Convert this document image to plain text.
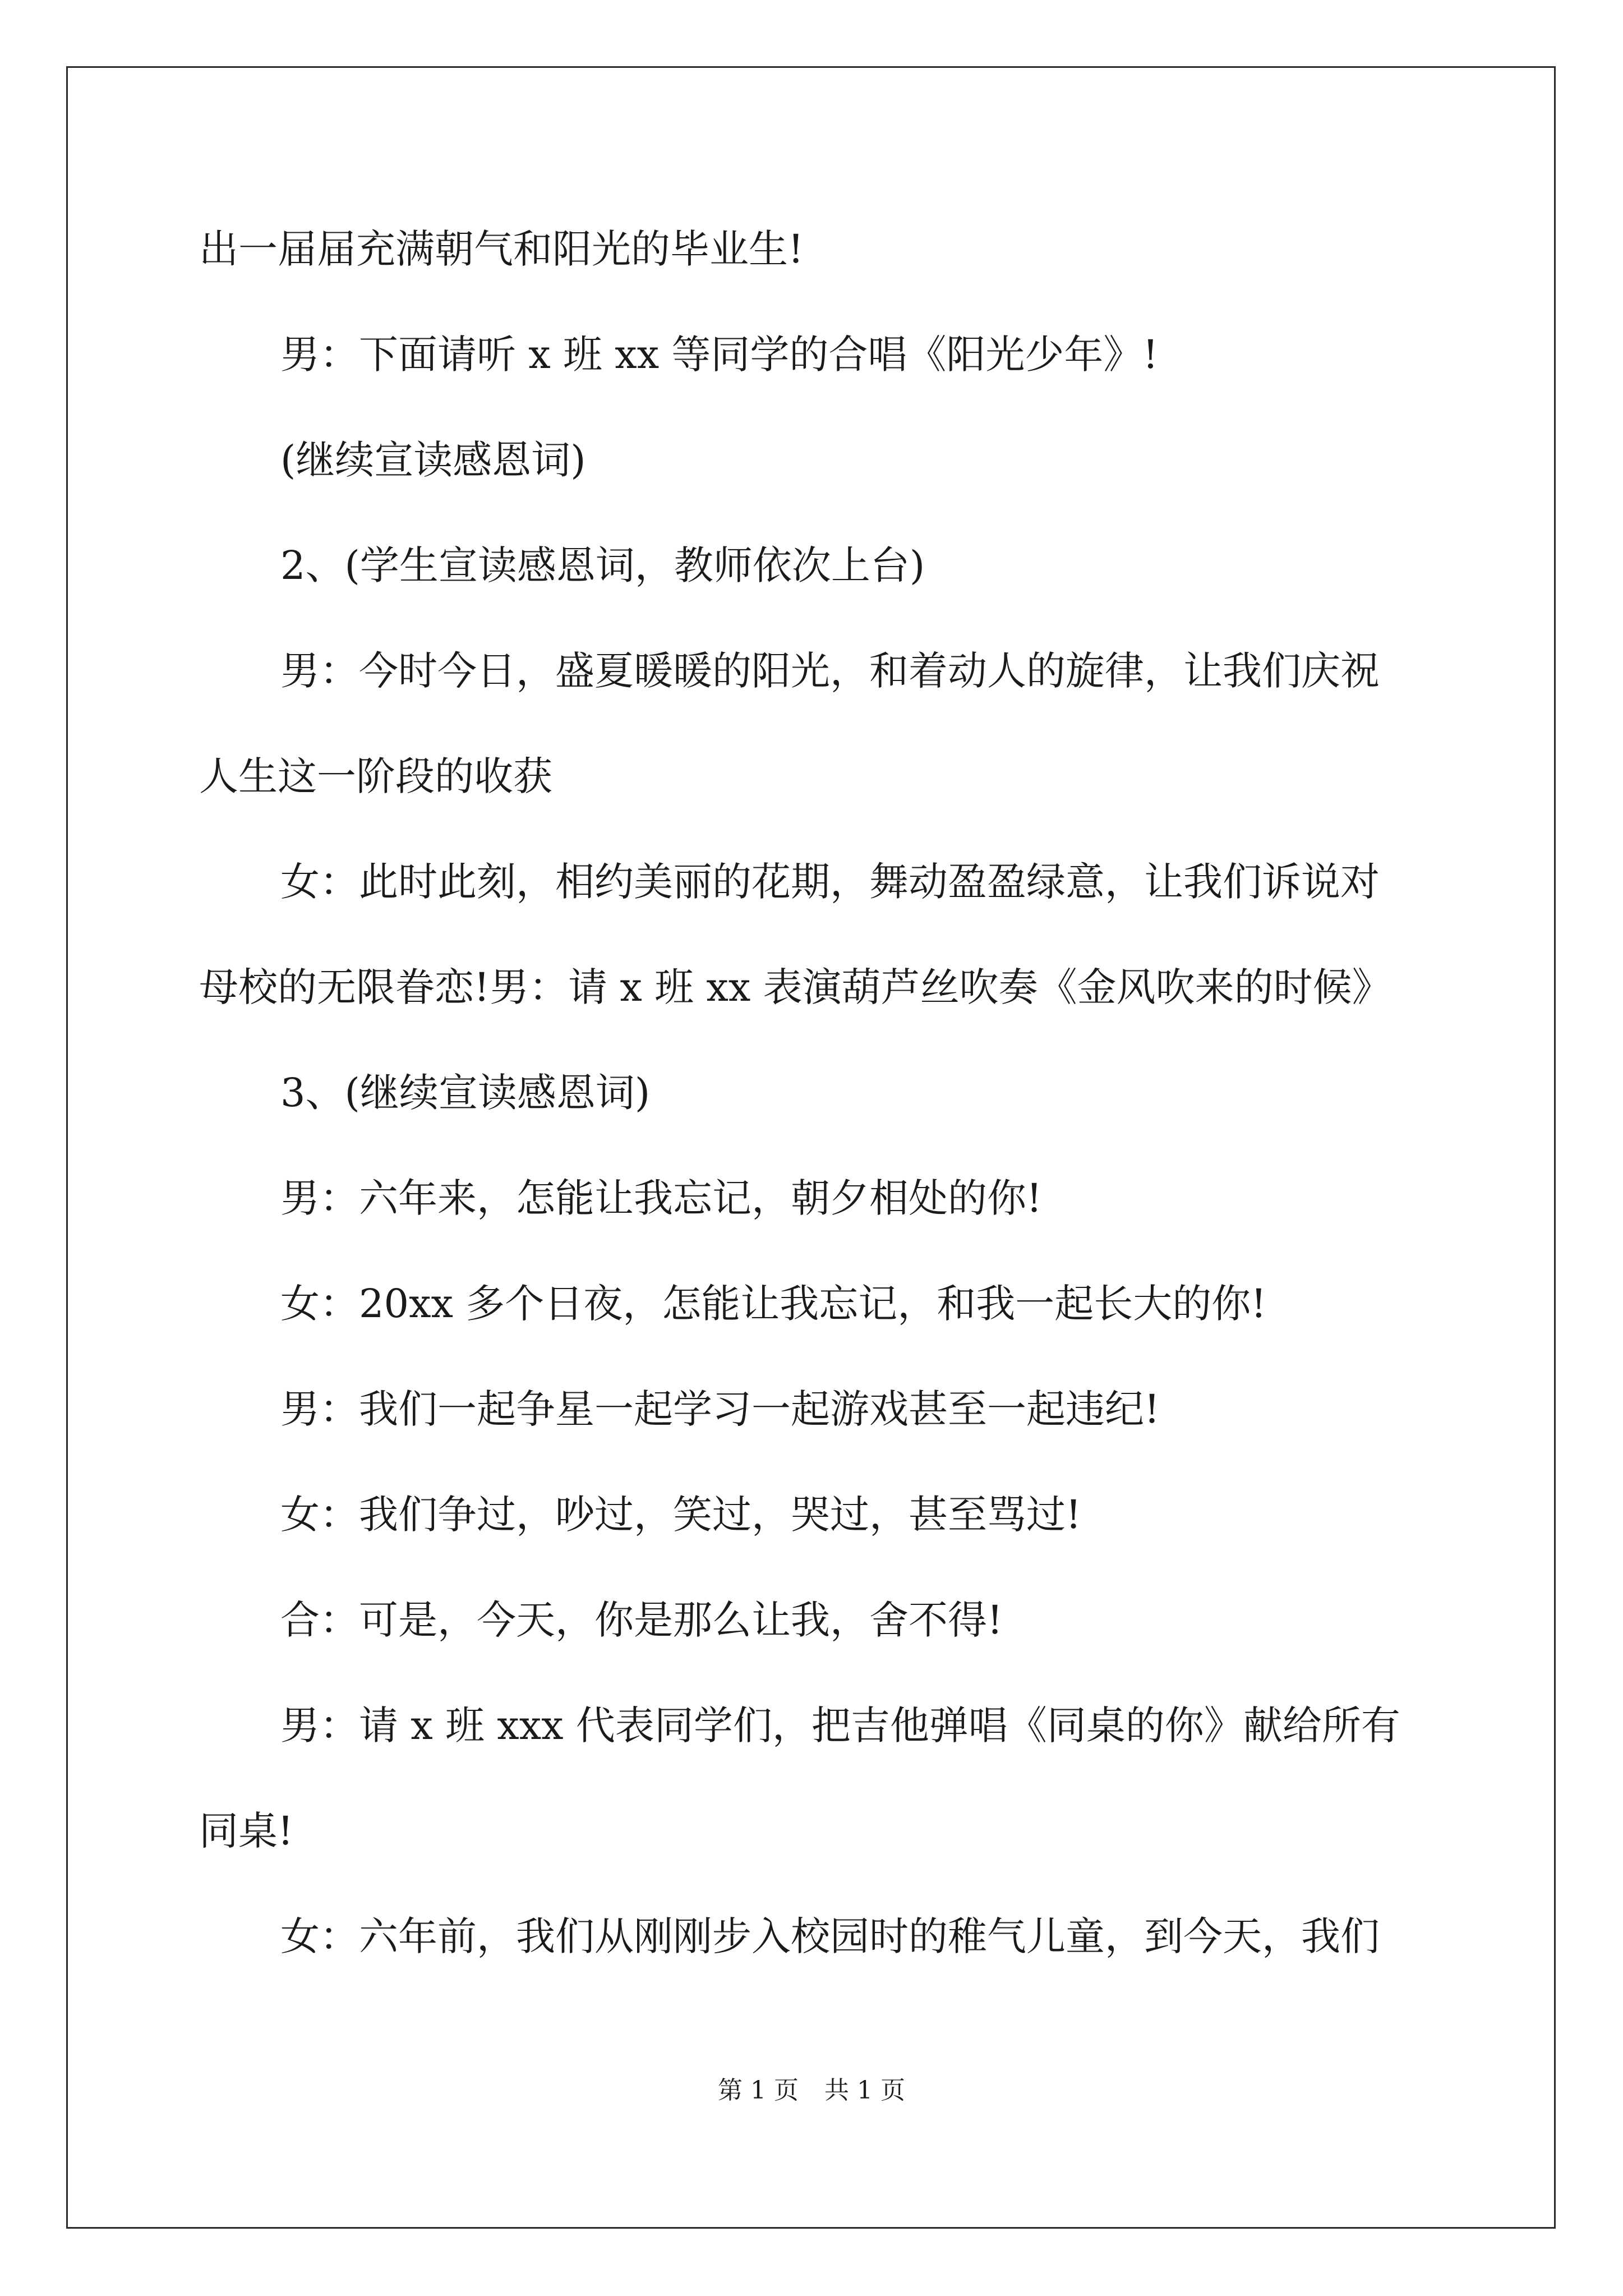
出一届届充满朝气和阳光的毕业生!

男：下面请听 x 班 xx 等同学的合唱《阳光少年》!

(继续宣读感恩词)

2、(学生宣读感恩词，教师依次上台)

男：今时今日，盛夏暖暖的阳光，和着动人的旋律，让我们庆祝

人生这一阶段的收获

女：此时此刻，相约美丽的花期，舞动盈盈绿意，让我们诉说对

母校的无限眷恋!男：请 x 班 xx 表演葫芦丝吹奏《金风吹来的时候》

3、(继续宣读感恩词)

男：六年来，怎能让我忘记，朝夕相处的你!

女：20xx 多个日夜，怎能让我忘记，和我一起长大的你!

男：我们一起争星一起学习一起游戏甚至一起违纪!

女：我们争过，吵过，笑过，哭过，甚至骂过!

合：可是，今天，你是那么让我，舍不得!

男：请 x 班 xxx 代表同学们，把吉他弹唱《同桌的你》献给所有

同桌!

女：六年前，我们从刚刚步入校园时的稚气儿童，到今天，我们

第 1 页 共 1 页
